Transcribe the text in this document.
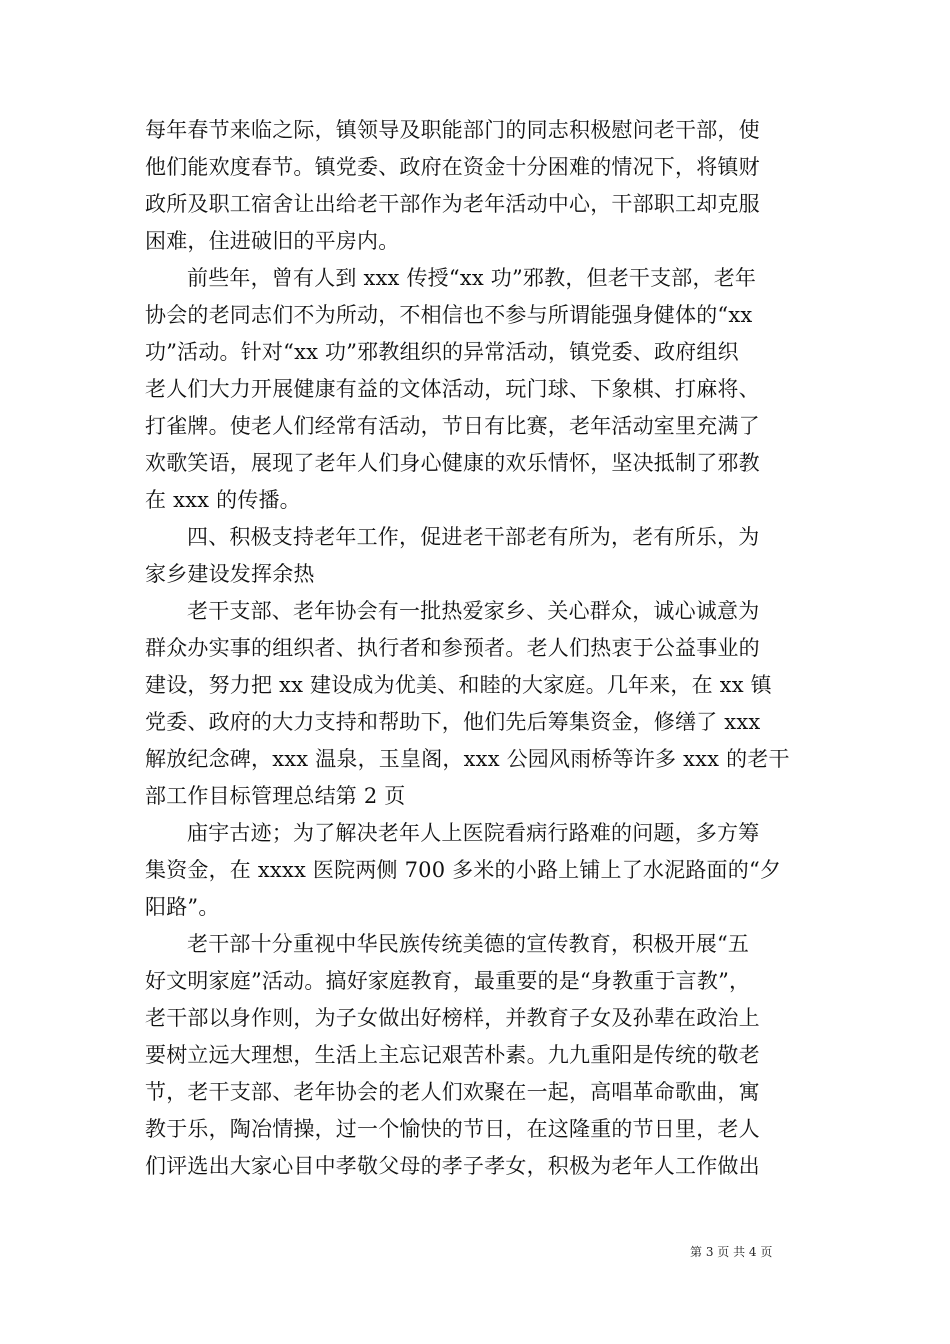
每年春节来临之际，镇领导及职能部门的同志积极慰问老干部，使
他们能欢度春节。镇党委、政府在资金十分困难的情况下，将镇财
政所及职工宿舍让出给老干部作为老年活动中心，干部职工却克服
困难，住进破旧的平房内。
前些年，曾有人到 xxx 传授“xx 功”邪教，但老干支部，老年
协会的老同志们不为所动，不相信也不参与所谓能强身健体的“xx
功”活动。针对“xx 功”邪教组织的异常活动，镇党委、政府组织
老人们大力开展健康有益的文体活动，玩门球、下象棋、打麻将、
打雀牌。使老人们经常有活动，节日有比赛，老年活动室里充满了
欢歌笑语，展现了老年人们身心健康的欢乐情怀，坚决抵制了邪教
在 xxx 的传播。
四、积极支持老年工作，促进老干部老有所为，老有所乐，为
家乡建设发挥余热
老干支部、老年协会有一批热爱家乡、关心群众，诚心诚意为
群众办实事的组织者、执行者和参预者。老人们热衷于公益事业的
建设，努力把 xx 建设成为优美、和睦的大家庭。几年来，在 xx 镇
党委、政府的大力支持和帮助下，他们先后筹集资金，修缮了 xxx
解放纪念碑，xxx 温泉，玉皇阁，xxx 公园风雨桥等许多 xxx 的老干
部工作目标管理总结第 2 页
庙宇古迹；为了解决老年人上医院看病行路难的问题，多方筹
集资金，在 xxxx 医院两侧 700 多米的小路上铺上了水泥路面的“夕
阳路”。
老干部十分重视中华民族传统美德的宣传教育，积极开展“五
好文明家庭”活动。搞好家庭教育，最重要的是“身教重于言教”，
老干部以身作则，为子女做出好榜样，并教育子女及孙辈在政治上
要树立远大理想，生活上主忘记艰苦朴素。九九重阳是传统的敬老
节，老干支部、老年协会的老人们欢聚在一起，高唱革命歌曲，寓
教于乐，陶冶情操，过一个愉快的节日，在这隆重的节日里，老人
们评选出大家心目中孝敬父母的孝子孝女，积极为老年人工作做出
第 3 页 共 4 页
